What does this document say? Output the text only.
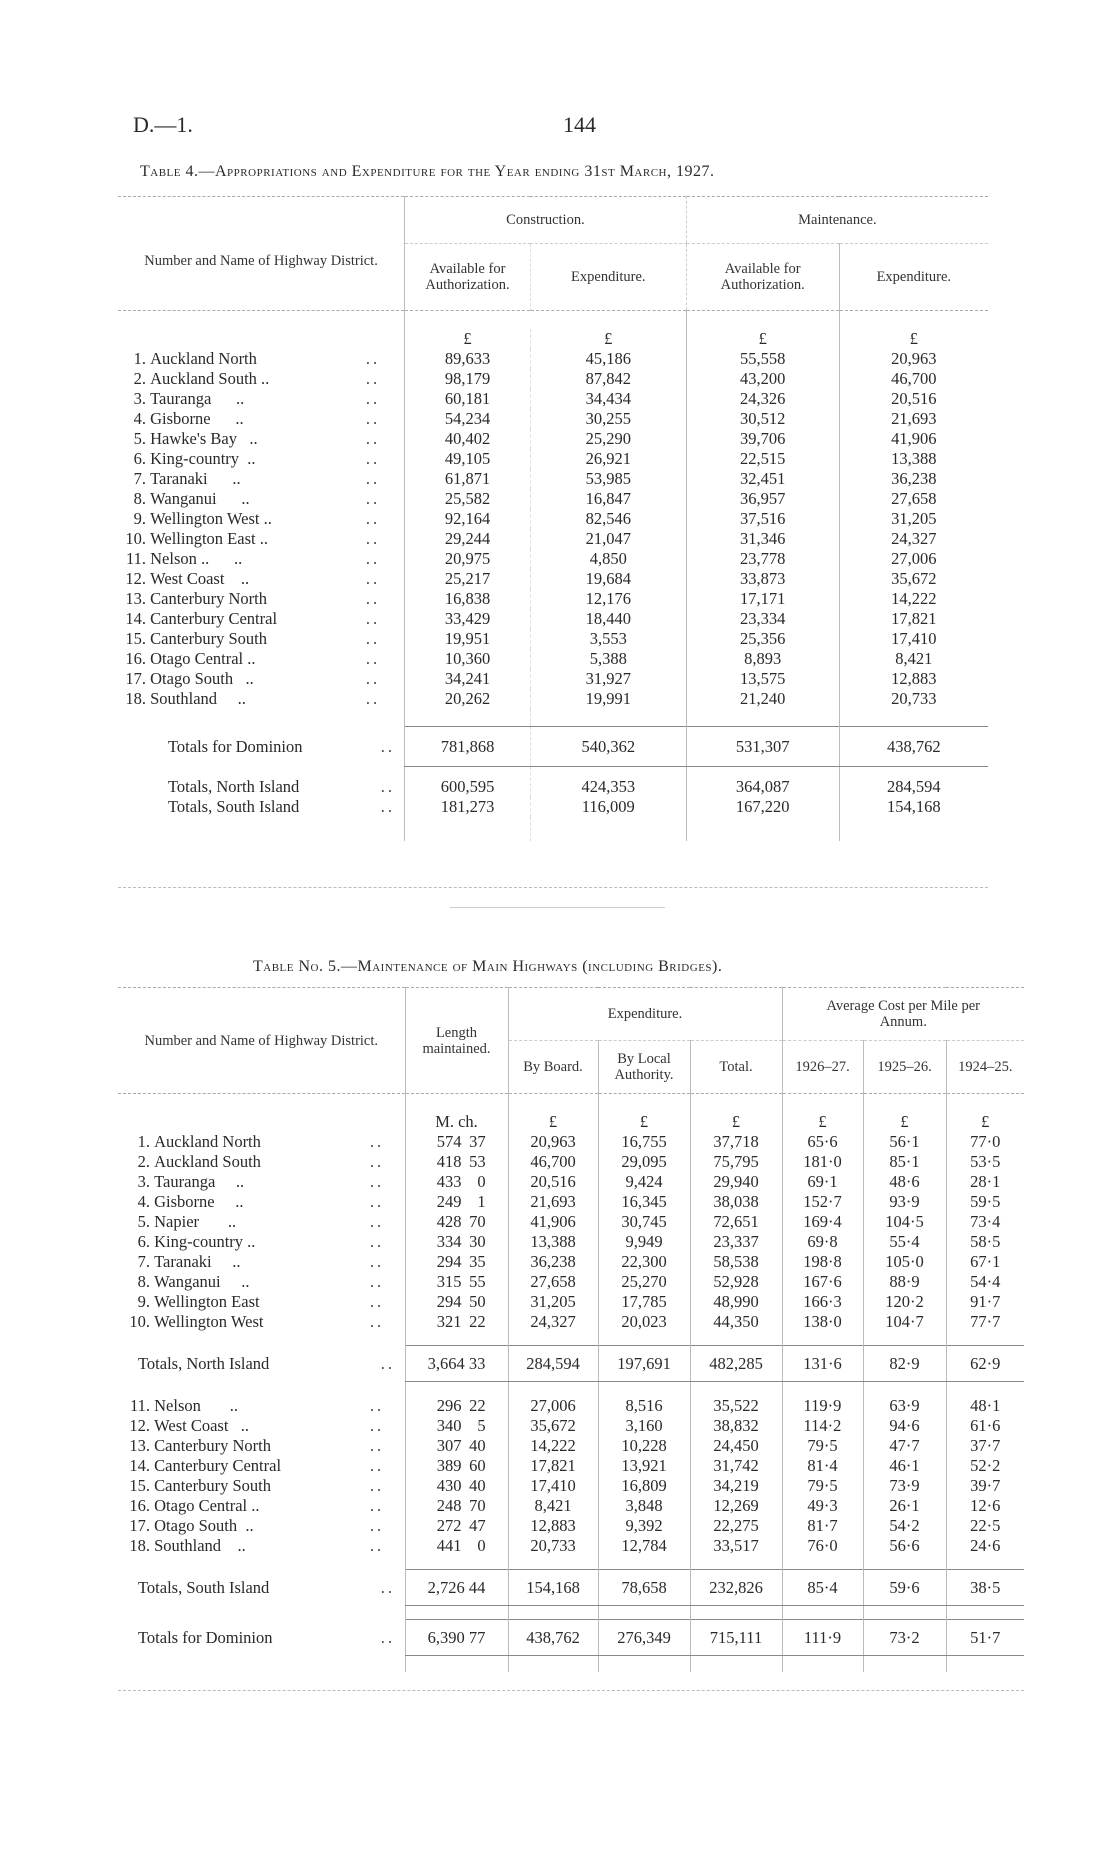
D.—1.	144
Table 4.—Appropriations and Expenditure for the Year ending 31st March, 1927.
Number and Name of Highway District.	Construction.		Maintenance.	
	Available for Authorization.	Expenditure.	Available for Authorization.	Expenditure.

	£	£	£	£
1. Auckland North ..	89,633	45,186	55,558	20,963
2. Auckland South .. ..	98,179	87,842	43,200	46,700
3. Tauranga      .. ..	60,181	34,434	24,326	20,516
4. Gisborne      .. ..	54,234	30,255	30,512	21,693
5. Hawke's Bay   .. ..	40,402	25,290	39,706	41,906
6. King-country  .. ..	49,105	26,921	22,515	13,388
7. Taranaki      .. ..	61,871	53,985	32,451	36,238
8. Wanganui      .. ..	25,582	16,847	36,957	27,658
9. Wellington West .. ..	92,164	82,546	37,516	31,205
10. Wellington East .. ..	29,244	21,047	31,346	24,327
11. Nelson ..      .. ..	20,975	4,850	23,778	27,006
12. West Coast    .. ..	25,217	19,684	33,873	35,672
13. Canterbury North ..	16,838	12,176	17,171	14,222
14. Canterbury Central ..	33,429	18,440	23,334	17,821
15. Canterbury South ..	19,951	3,553	25,356	17,410
16. Otago Central .. ..	10,360	5,388	8,893	8,421
17. Otago South   .. ..	34,241	31,927	13,575	12,883
18. Southland     .. ..	20,262	19,991	21,240	20,733

Totals for Dominion ..	781,868	540,362	531,307	438,762
Totals, North Island ..	600,595	424,353	364,087	284,594
Totals, South Island ..	181,273	116,009	167,220	154,168

Table No. 5.—Maintenance of Main Highways (including Bridges).
Number and Name of Highway District.	Length maintained.	Expenditure.			Average Cost per Mile per Annum.		
		By Board.	By Local Authority.	Total.	1926–27.	1925–26.	1924–25.

	M. ch.	£	£	£	£	£	£
1. Auckland North ..	574 37	20,963	16,755	37,718	65·6	56·1	77·0
2. Auckland South ..	418 53	46,700	29,095	75,795	181·0	85·1	53·5
3. Tauranga     .. ..	433 0	20,516	9,424	29,940	69·1	48·6	28·1
4. Gisborne     .. ..	249 1	21,693	16,345	38,038	152·7	93·9	59·5
5. Napier       .. ..	428 70	41,906	30,745	72,651	169·4	104·5	73·4
6. King-country .. ..	334 30	13,388	9,949	23,337	69·8	55·4	58·5
7. Taranaki     .. ..	294 35	36,238	22,300	58,538	198·8	105·0	67·1
8. Wanganui     .. ..	315 55	27,658	25,270	52,928	167·6	88·9	54·4
9. Wellington East ..	294 50	31,205	17,785	48,990	166·3	120·2	91·7
10. Wellington West ..	321 22	24,327	20,023	44,350	138·0	104·7	77·7

Totals, North Island ..	3,664 33	284,594	197,691	482,285	131·6	82·9	62·9

11. Nelson       .. ..	296 22	27,006	8,516	35,522	119·9	63·9	48·1
12. West Coast   .. ..	340 5	35,672	3,160	38,832	114·2	94·6	61·6
13. Canterbury North ..	307 40	14,222	10,228	24,450	79·5	47·7	37·7
14. Canterbury Central ..	389 60	17,821	13,921	31,742	81·4	46·1	52·2
15. Canterbury South ..	430 40	17,410	16,809	34,219	79·5	73·9	39·7
16. Otago Central .. ..	248 70	8,421	3,848	12,269	49·3	26·1	12·6
17. Otago South  .. ..	272 47	12,883	9,392	22,275	81·7	54·2	22·5
18. Southland    .. ..	441 0	20,733	12,784	33,517	76·0	56·6	24·6

Totals, South Island ..	2,726 44	154,168	78,658	232,826	85·4	59·6	38·5

Totals for Dominion ..	6,390 77	438,762	276,349	715,111	111·9	73·2	51·7
